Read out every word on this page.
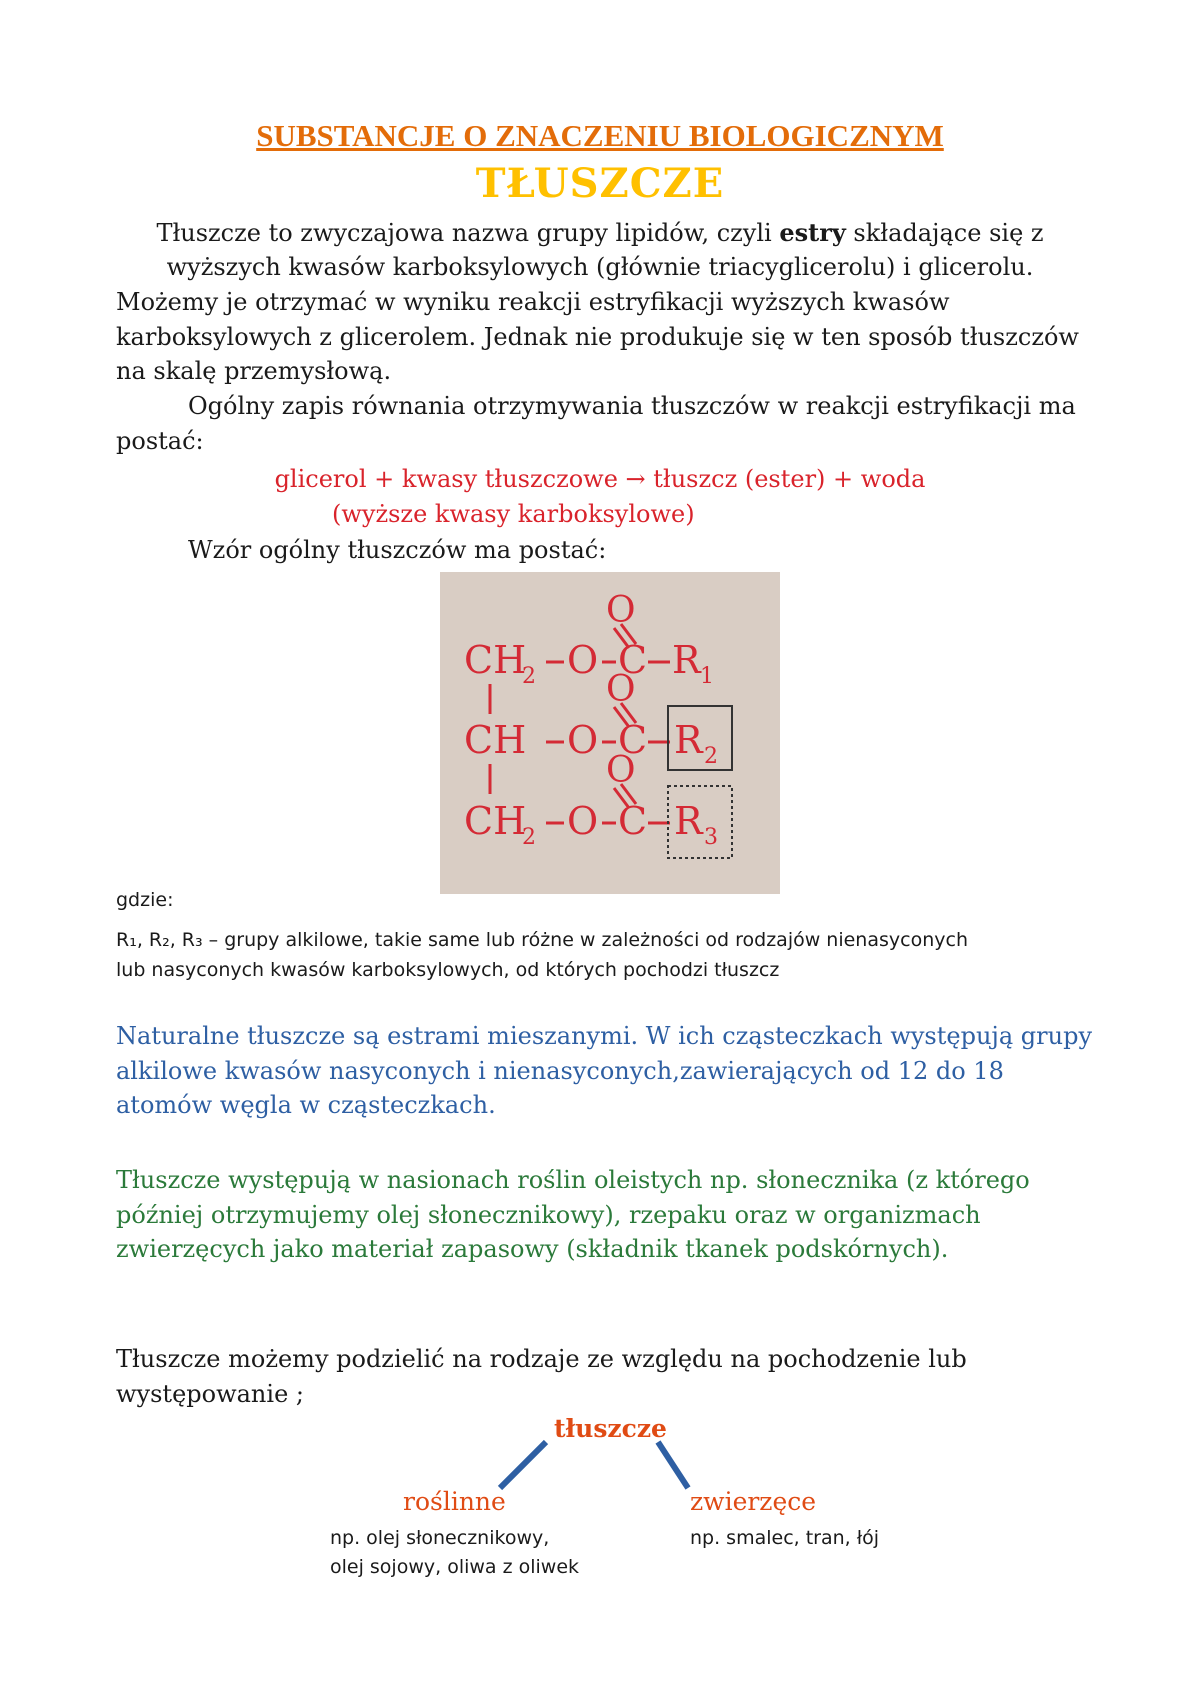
SUBSTANCJE O ZNACZENIU BIOLOGICZNYM
TŁUSZCZE
Tłuszcze to zwyczajowa nazwa grupy lipidów, czyli estry składające się z
wyższych kwasów karboksylowych (głównie triacyglicerolu) i glicerolu.
Możemy je otrzymać w wyniku reakcji estryfikacji wyższych kwasów karboksylowych z glicerolem. Jednak nie produkuje się w ten sposób tłuszczów na skalę przemysłową.
Ogólny zapis równania otrzymywania tłuszczów w reakcji estryfikacji ma postać:
glicerol + kwasy tłuszczowe → tłuszcz (ester) + woda
(wyższe kwasy karboksylowe)
Wzór ogólny tłuszczów ma postać:
O
CH
2 O C R 1
O
CH O C R 2
O
CH
2 O C R 3
gdzie:
R₁, R₂, R₃ – grupy alkilowe, takie same lub różne w zależności od rodzajów nienasyconych
lub nasyconych kwasów karboksylowych, od których pochodzi tłuszcz
Naturalne tłuszcze są estrami mieszanymi. W ich cząsteczkach występują grupy alkilowe kwasów nasyconych i nienasyconych,zawierających od 12 do 18 atomów węgla w cząsteczkach.
Tłuszcze występują w nasionach roślin oleistych np. słonecznika (z którego później otrzymujemy olej słonecznikowy), rzepaku oraz w organizmach zwierzęcych jako materiał zapasowy (składnik tkanek podskórnych).
Tłuszcze możemy podzielić na rodzaje ze względu na pochodzenie lub występowanie ;
tłuszcze
roślinne	zwierzęce
np. olej słonecznikowy,
olej sojowy, oliwa z oliwek
np. smalec, tran, łój
